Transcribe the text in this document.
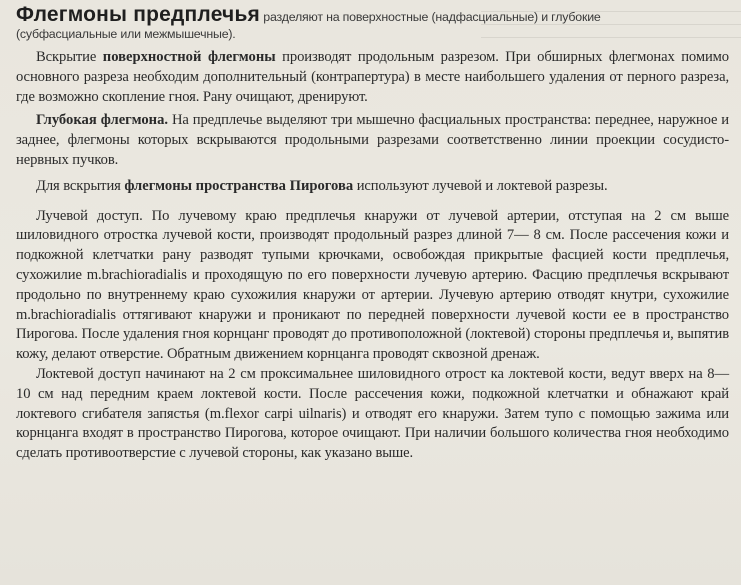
Флегмоны предплечья разделяют на поверхностные (надфасциальные) и глубокие
(субфасциальные или межмышечные).

Вскрытие поверхностной флегмоны производят продольным разрезом. При обширных флегмонах помимо основного разреза необходим дополнительный (контрапертура) в месте наибольшего удаления от перного разреза, где возможно скопление гноя. Рану очищают, дренируют.

Глубокая флегмона. На предплечье выделяют три мышечно фасциальных пространства: переднее, наружное и заднее, флегмоны которых вскрываются продольными разрезами соответственно линии проекции сосудисто-нервных пучков.

Для вскрытия флегмоны пространства Пирогова используют лучевой и локтевой разрезы.

Лучевой доступ. По лучевому краю предплечья кнаружи от лучевой артерии, отступая на 2 см выше шиловидного отростка лучевой кости, производят продольный разрез длиной 7— 8 см. После рассечения кожи и подкожной клетчатки рану разводят тупыми крючками, освобождая прикрытые фасцией кости предплечья, сухожилие m.brachioradialis и проходящую по его поверхности лучевую артерию. Фасцию предплечья вскрывают продольно по внутреннему краю сухожилия кнаружи от артерии. Лучевую артерию отводят кнутри, сухожилие m.brachioradialis оттягивают кнаружи и проникают по передней поверхности лучевой кости ее в пространство Пирогова. После удаления гноя корнцанг проводят до противоположной (локтевой) стороны предплечья и, выпятив кожу, делают отверстие. Обратным движением корнцанга проводят сквозной дренаж.

Локтевой доступ начинают на 2 см проксимальнее шиловидного отрост ка локтевой кости, ведут вверх на 8— 10 см над передним краем локтевой кости. После рассечения кожи, подкожной клетчатки и обнажают край локтевого сгибателя запястья (m.flexor carpi uilnaris) и отводят его кнаружи. Затем тупо с помощью зажима или корнцанга входят в пространство Пирогова, которое очищают. При наличии большого количества гноя необходимо сделать противоотверстие с лучевой стороны, как указано выше.
